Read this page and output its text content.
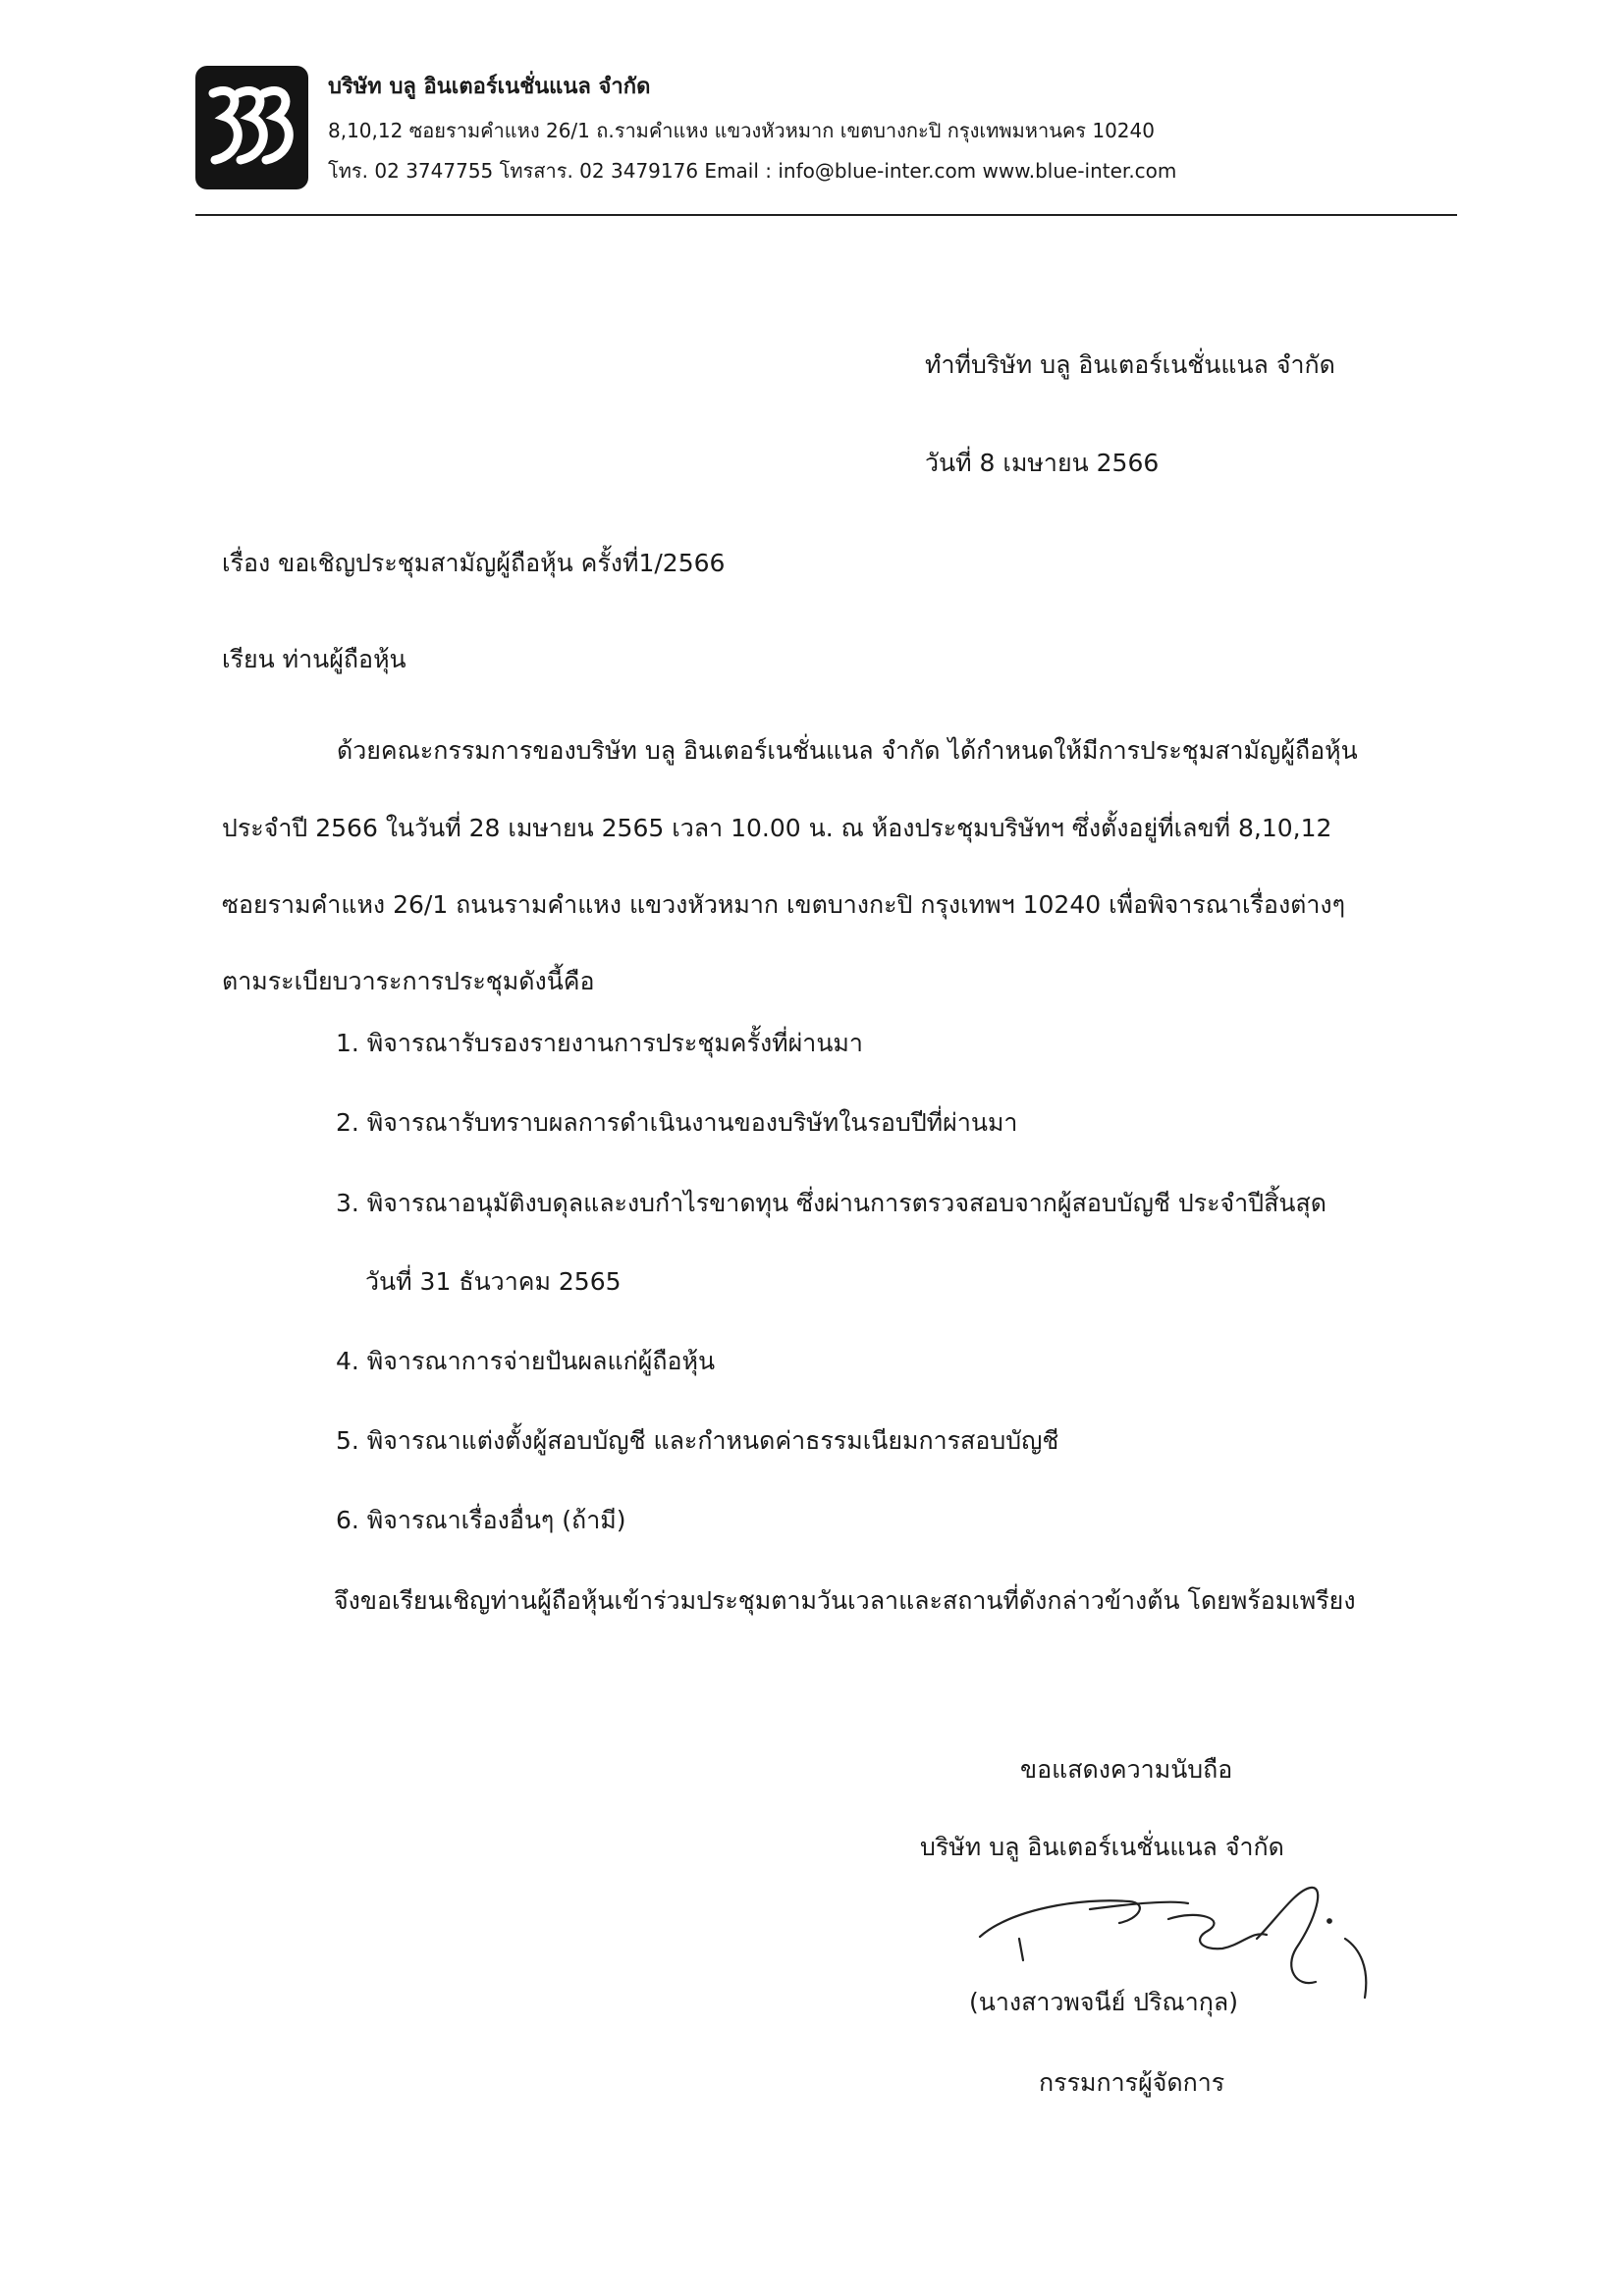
บริษัท บลู อินเตอร์เนชั่นแนล จำกัด
8,10,12 ซอยรามคำแหง 26/1 ถ.รามคำแหง แขวงหัวหมาก เขตบางกะปิ กรุงเทพมหานคร 10240
โทร. 02 3747755 โทรสาร. 02 3479176 Email : info@blue-inter.com www.blue-inter.com
ทำที่บริษัท บลู อินเตอร์เนชั่นแนล จำกัด
วันที่ 8 เมษายน 2566
เรื่อง ขอเชิญประชุมสามัญผู้ถือหุ้น ครั้งที่1/2566
เรียน ท่านผู้ถือหุ้น
ด้วยคณะกรรมการของบริษัท บลู อินเตอร์เนชั่นแนล จำกัด ได้กำหนดให้มีการประชุมสามัญผู้ถือหุ้น
ประจำปี 2566 ในวันที่ 28 เมษายน 2565 เวลา 10.00 น. ณ ห้องประชุมบริษัทฯ ซึ่งตั้งอยู่ที่เลขที่ 8,10,12
ซอยรามคำแหง 26/1 ถนนรามคำแหง แขวงหัวหมาก เขตบางกะปิ กรุงเทพฯ 10240 เพื่อพิจารณาเรื่องต่างๆ
ตามระเบียบวาระการประชุมดังนี้คือ
1. พิจารณารับรองรายงานการประชุมครั้งที่ผ่านมา
2. พิจารณารับทราบผลการดำเนินงานของบริษัทในรอบปีที่ผ่านมา
3. พิจารณาอนุมัติงบดุลและงบกำไรขาดทุน ซึ่งผ่านการตรวจสอบจากผู้สอบบัญชี ประจำปีสิ้นสุด
วันที่ 31 ธันวาคม 2565
4. พิจารณาการจ่ายปันผลแก่ผู้ถือหุ้น
5. พิจารณาแต่งตั้งผู้สอบบัญชี และกำหนดค่าธรรมเนียมการสอบบัญชี
6. พิจารณาเรื่องอื่นๆ (ถ้ามี)
จึงขอเรียนเชิญท่านผู้ถือหุ้นเข้าร่วมประชุมตามวันเวลาและสถานที่ดังกล่าวข้างต้น โดยพร้อมเพรียง
ขอแสดงความนับถือ
บริษัท บลู อินเตอร์เนชั่นแนล จำกัด
(นางสาวพจนีย์ ปริณากุล)
กรรมการผู้จัดการ
